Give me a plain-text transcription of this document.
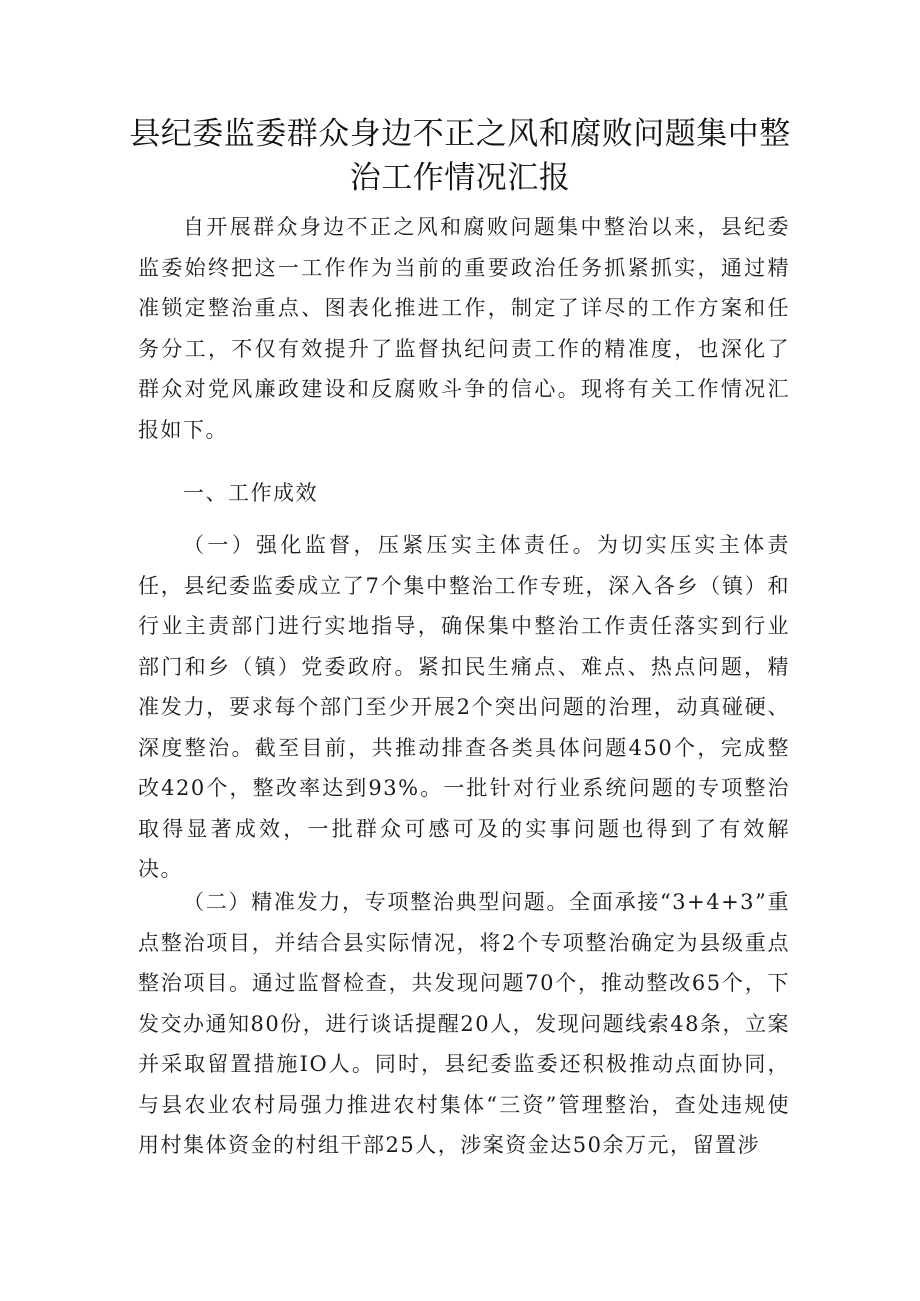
县纪委监委群众身边不正之风和腐败问题集中整治工作情况汇报

自开展群众身边不正之风和腐败问题集中整治以来，县纪委监委始终把这一工作作为当前的重要政治任务抓紧抓实，通过精准锁定整治重点、图表化推进工作，制定了详尽的工作方案和任务分工，不仅有效提升了监督执纪问责工作的精准度，也深化了群众对党风廉政建设和反腐败斗争的信心。现将有关工作情况汇报如下。

一、工作成效

（一）强化监督，压紧压实主体责任。为切实压实主体责任，县纪委监委成立了7个集中整治工作专班，深入各乡（镇）和行业主责部门进行实地指导，确保集中整治工作责任落实到行业部门和乡（镇）党委政府。紧扣民生痛点、难点、热点问题，精准发力，要求每个部门至少开展2个突出问题的治理，动真碰硬、深度整治。截至目前，共推动排查各类具体问题450个，完成整改420个，整改率达到93%。一批针对行业系统问题的专项整治取得显著成效，一批群众可感可及的实事问题也得到了有效解决。

（二）精准发力，专项整治典型问题。全面承接“3+4+3”重点整治项目，并结合县实际情况，将2个专项整治确定为县级重点整治项目。通过监督检查，共发现问题70个，推动整改65个，下发交办通知80份，进行谈话提醒20人，发现问题线索48条，立案并采取留置措施IO人。同时，县纪委监委还积极推动点面协同，与县农业农村局强力推进农村集体“三资”管理整治，查处违规使用村集体资金的村组干部25人，涉案资金达50余万元，留置涉
